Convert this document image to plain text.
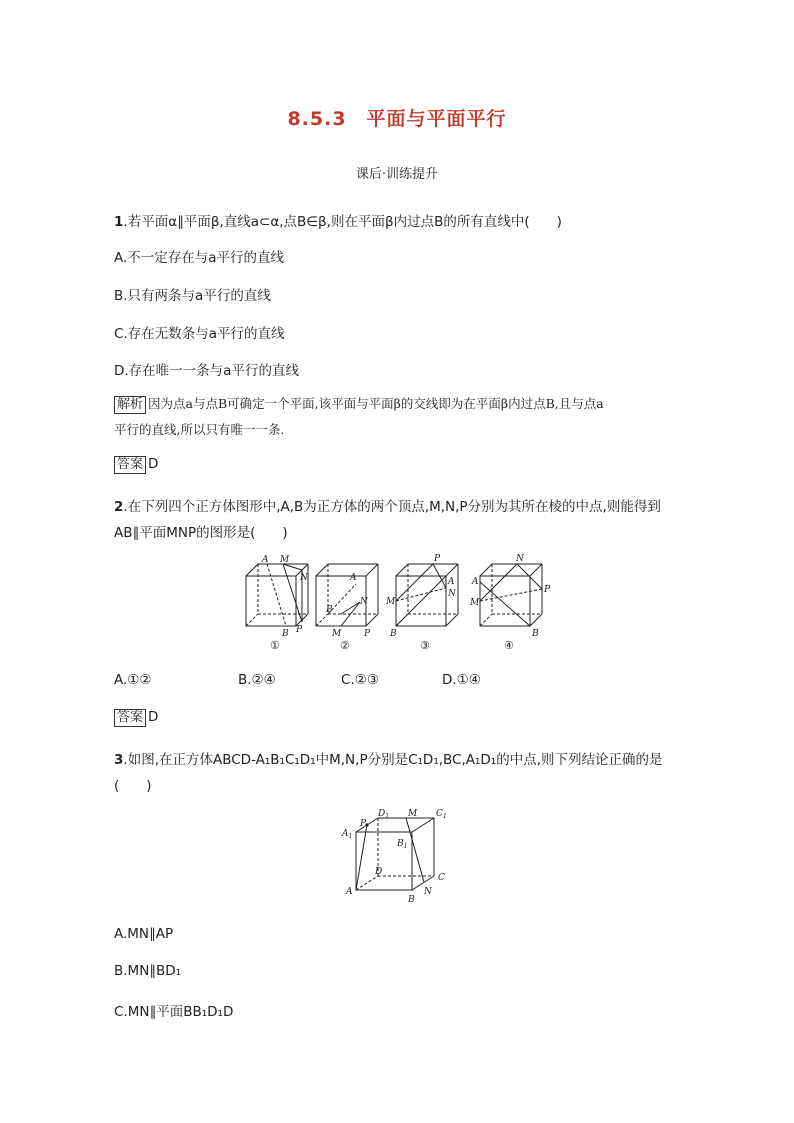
8.5.3　平面与平面平行
课后·训练提升
1.若平面α∥平面β,直线a⊂α,点B∈β,则在平面β内过点B的所有直线中(　　)
A.不一定存在与a平行的直线
B.只有两条与a平行的直线
C.存在无数条与a平行的直线
D.存在唯一一条与a平行的直线
解析 因为点a与点B可确定一个平面,该平面与平面β的交线即为在平面β内过点B,且与点a
平行的直线,所以只有唯一一条.
答案 D
2.在下列四个正方体图形中,A,B为正方体的两个顶点,M,N,P分别为其所在棱的中点,则能得到
AB∥平面MNP的图形是(　　)
A M
N
P
B
A
B
N
M	P
P
A
M
N
B
N
A
P
M
B
①	②	③	④
A.①②	B.②④	C.②③	D.①④
答案 D
3.如图,在正方体ABCD-A₁B₁C₁D₁中M,N,P分别是C₁D₁,BC,A₁D₁的中点,则下列结论正确的是
(　　)
$A_1$
P
$D_1$ M $C_1$
$B_1$
D
C
N
A
B
A.MN∥AP
B.MN∥BD₁
C.MN∥平面BB₁D₁D
